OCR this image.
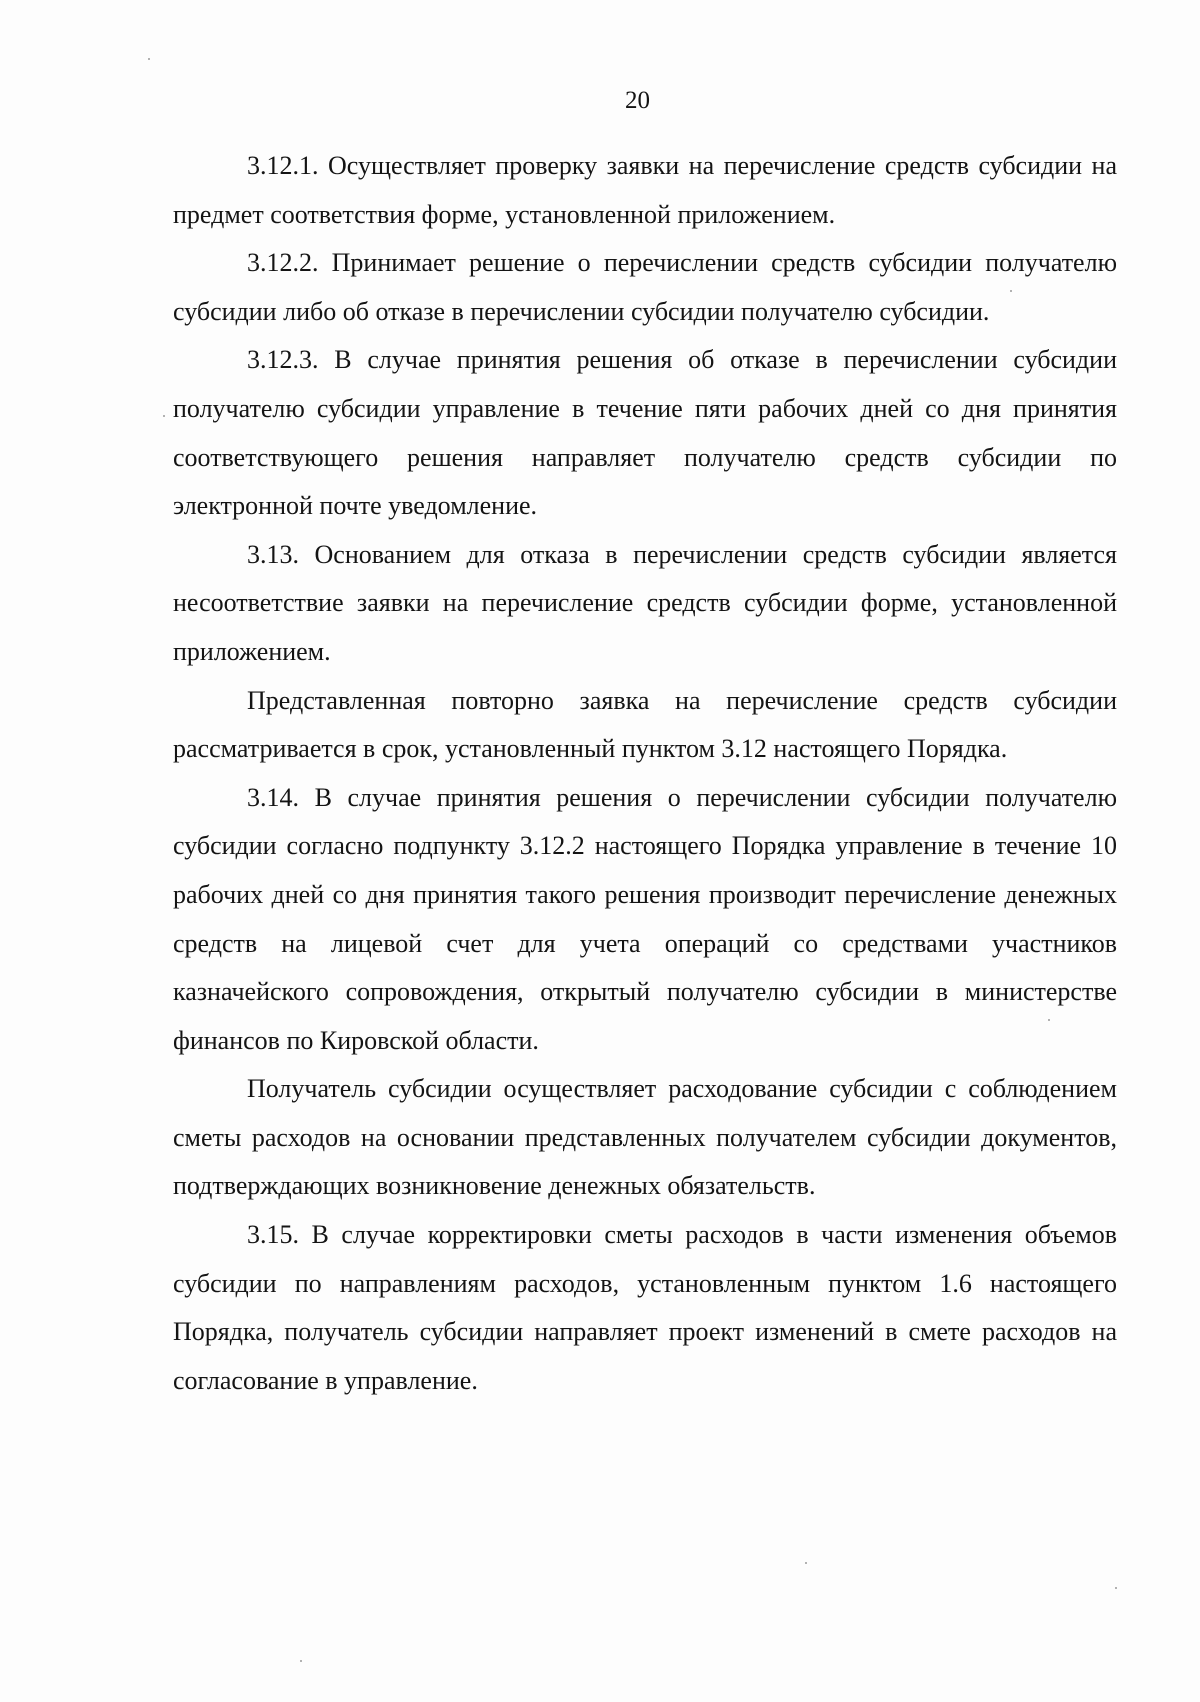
20

3.12.1. Осуществляет проверку заявки на перечисление средств субсидии на предмет соответствия форме, установленной приложением.

3.12.2. Принимает решение о перечислении средств субсидии получателю субсидии либо об отказе в перечислении субсидии получателю субсидии.

3.12.3. В случае принятия решения об отказе в перечислении субсидии получателю субсидии управление в течение пяти рабочих дней со дня принятия соответствующего решения направляет получателю средств субсидии по электронной почте уведомление.

3.13. Основанием для отказа в перечислении средств субсидии является несоответствие заявки на перечисление средств субсидии форме, установленной приложением.

Представленная повторно заявка на перечисление средств субсидии рассматривается в срок, установленный пунктом 3.12 настоящего Порядка.

3.14. В случае принятия решения о перечислении субсидии получателю субсидии согласно подпункту 3.12.2 настоящего Порядка управление в течение 10 рабочих дней со дня принятия такого решения производит перечисление денежных средств на лицевой счет для учета операций со средствами участников казначейского сопровождения, открытый получателю субсидии в министерстве финансов по Кировской области.

Получатель субсидии осуществляет расходование субсидии с соблюдением сметы расходов на основании представленных получателем субсидии документов, подтверждающих возникновение денежных обязательств.

3.15. В случае корректировки сметы расходов в части изменения объемов субсидии по направлениям расходов, установленным пунктом 1.6 настоящего Порядка, получатель субсидии направляет проект изменений в смете расходов на согласование в управление.
